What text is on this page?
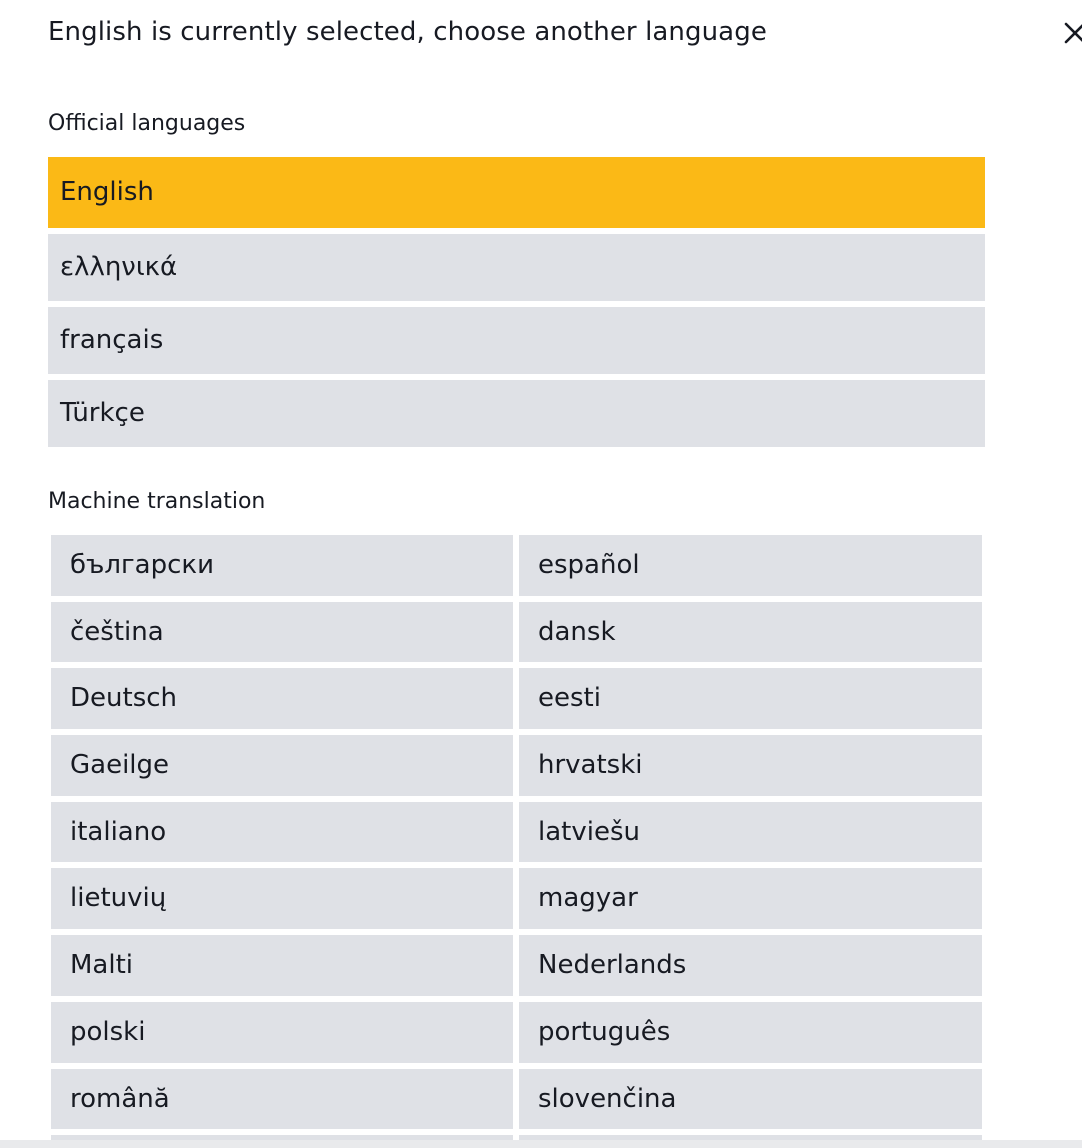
English is currently selected, choose another language
Official languages
English
ελληνικά
français
Türkçe
Machine translation
български	español
čeština	dansk
Deutsch	eesti
Gaeilge	hrvatski
italiano	latviešu
lietuvių	magyar
Malti	Nederlands
polski	português
română	slovenčina
